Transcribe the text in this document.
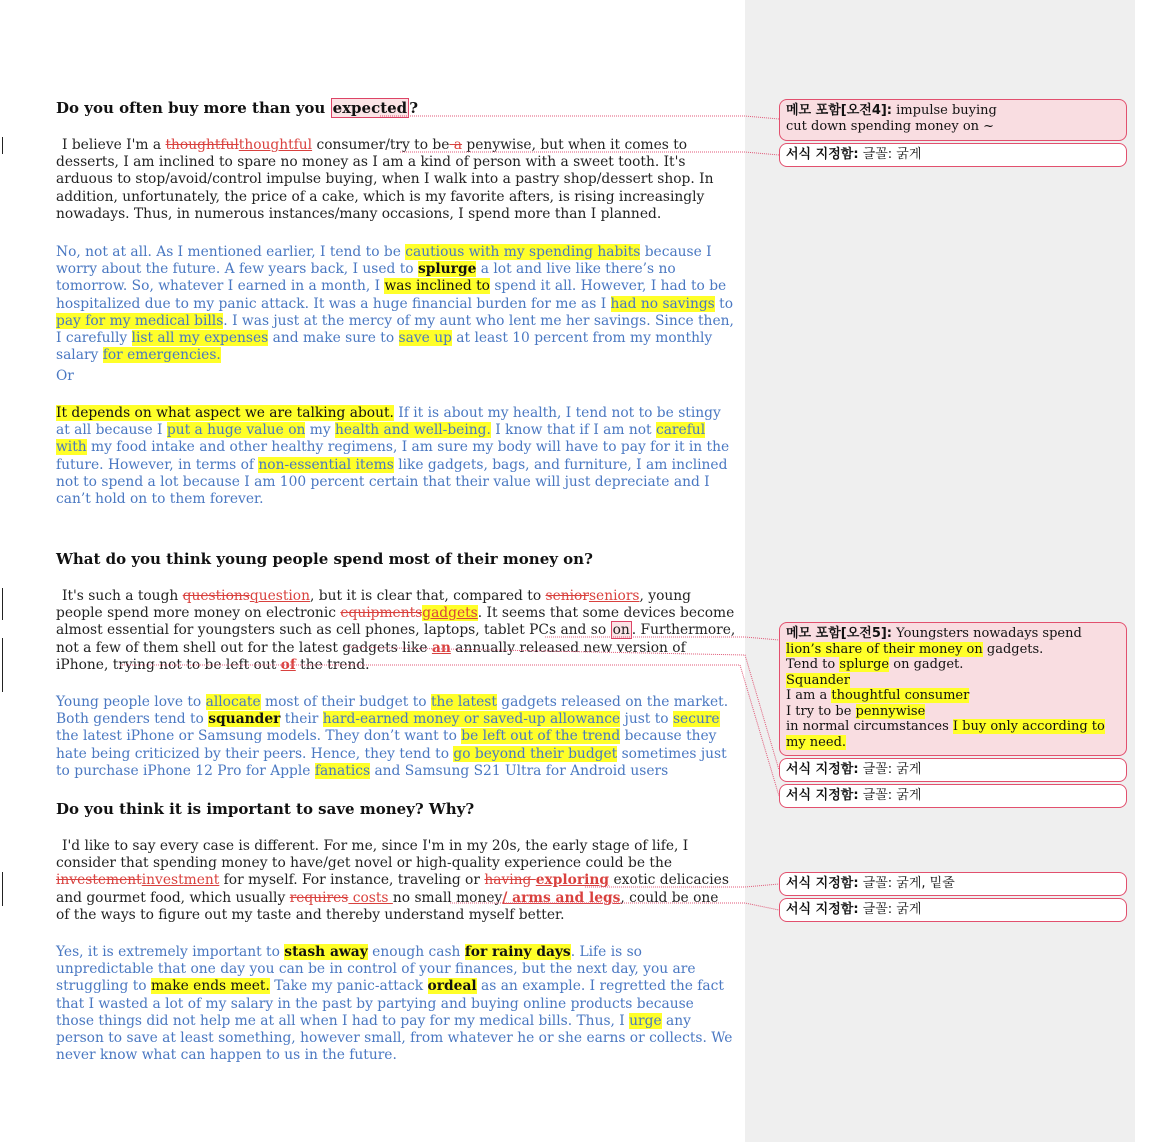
Do you often buy more than you expected ?

I believe I'm a thoughtfulthoughtful consumer/try to be a penywise, but when it comes to desserts, I am inclined to spare no money as I am a kind of person with a sweet tooth. It's arduous to stop/avoid/control impulse buying, when I walk into a pastry shop/dessert shop. In addition, unfortunately, the price of a cake, which is my favorite afters, is rising increasingly nowadays. Thus, in numerous instances/many occasions, I spend more than I planned.

No, not at all. As I mentioned earlier, I tend to be cautious with my spending habits because I worry about the future. A few years back, I used to splurge a lot and live like there’s no tomorrow. So, whatever I earned in a month, I was inclined to spend it all. However, I had to be hospitalized due to my panic attack. It was a huge financial burden for me as I had no savings to pay for my medical bills. I was just at the mercy of my aunt who lent me her savings. Since then, I carefully list all my expenses and make sure to save up at least 10 percent from my monthly salary for emergencies.

Or

It depends on what aspect we are talking about. If it is about my health, I tend not to be stingy at all because I put a huge value on my health and well-being. I know that if I am not careful with my food intake and other healthy regimens, I am sure my body will have to pay for it in the future. However, in terms of non-essential items like gadgets, bags, and furniture, I am inclined not to spend a lot because I am 100 percent certain that their value will just depreciate and I can’t hold on to them forever.

What do you think young people spend most of their money on?

It's such a tough questionsquestion, but it is clear that, compared to seniorseniors, young people spend more money on electronic equipmentsgadgets. It seems that some devices become almost essential for youngsters such as cell phones, laptops, tablet PCs and so on . Furthermore, not a few of them shell out for the latest gadgets like an annually released new version of iPhone, trying not to be left out of the trend.

Young people love to allocate most of their budget to the latest gadgets released on the market. Both genders tend to squander their hard-earned money or saved-up allowance just to secure the latest iPhone or Samsung models. They don’t want to be left out of the trend because they hate being criticized by their peers. Hence, they tend to go beyond their budget sometimes just to purchase iPhone 12 Pro for Apple fanatics and Samsung S21 Ultra for Android users

Do you think it is important to save money? Why?

I'd like to say every case is different. For me, since I'm in my 20s, the early stage of life, I consider that spending money to have/get novel or high-quality experience could be the investementinvestment for myself. For instance, traveling or having exploring exotic delicacies and gourmet food, which usually requires costs no small money/ arms and legs, could be one of the ways to figure out my taste and thereby understand myself better.

Yes, it is extremely important to stash away enough cash for rainy days. Life is so unpredictable that one day you can be in control of your finances, but the next day, you are struggling to make ends meet. Take my panic-attack ordeal as an example. I regretted the fact that I wasted a lot of my salary in the past by partying and buying online products because those things did not help me at all when I had to pay for my medical bills. Thus, I urge any person to save at least something, however small, from whatever he or she earns or collects. We never know what can happen to us in the future.

메모 포함[오전4]: impulse buying
cut down spending money on ~
서식 지정함: 글꼴: 굵게
메모 포함[오전5]: Youngsters nowadays spend lion’s share of their money on gadgets.
Tend to splurge on gadget.
Squander
I am a thoughtful consumer
I try to be pennywise
in normal circumstances I buy only according to my need.
서식 지정함: 글꼴: 굵게
서식 지정함: 글꼴: 굵게
서식 지정함: 글꼴: 굵게, 밑줄
서식 지정함: 글꼴: 굵게
